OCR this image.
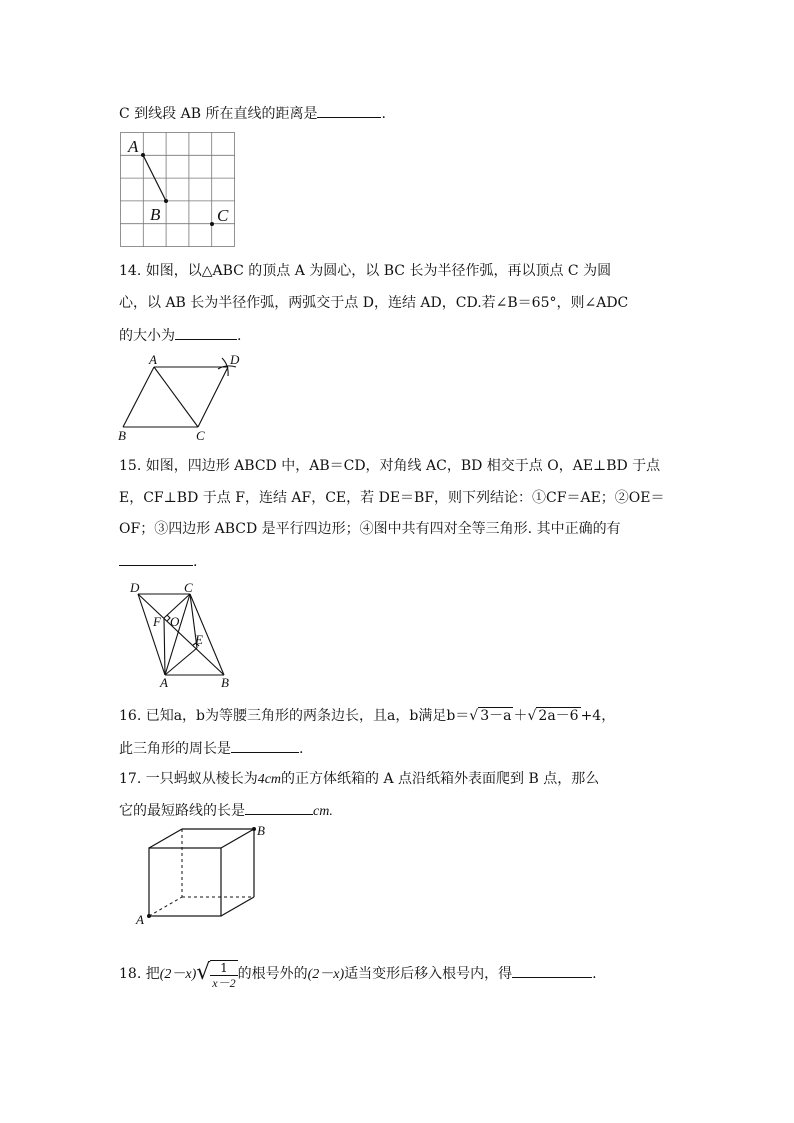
C 到线段 AB 所在直线的距离是	.
A
B	C
14. 如图，以△ABC 的顶点 A 为圆心，以 BC 长为半径作弧，再以顶点 C 为圆
心，以 AB 长为半径作弧，两弧交于点 D，连结 AD，CD.若∠B＝65°，则∠ADC
的大小为	.
A	D
B	C
15. 如图，四边形 ABCD 中，AB＝CD，对角线 AC，BD 相交于点 O，AE⊥BD 于点
E，CF⊥BD 于点 F，连结 AF，CE，若 DE＝BF，则下列结论：①CF＝AE；②OE＝
OF；③四边形 ABCD 是平行四边形；④图中共有四对全等三角形. 其中正确的有
.
D	C
F O
E
A	B
16. 已知a，b为等腰三角形的两条边长，且a，b满足b＝√ 3－a ＋√ 2a－6 +4，
此三角形的周长是	.
17. 一只蚂蚁从棱长为4cm的正方体纸箱的 A 点沿纸箱外表面爬到 B 点，那么
它的最短路线的长是	cm.
A
B
18. 把$(2-x)√ \frac{1}{x-2}$ 的根号外的(2－x)适当变形后移入根号内，得	.
